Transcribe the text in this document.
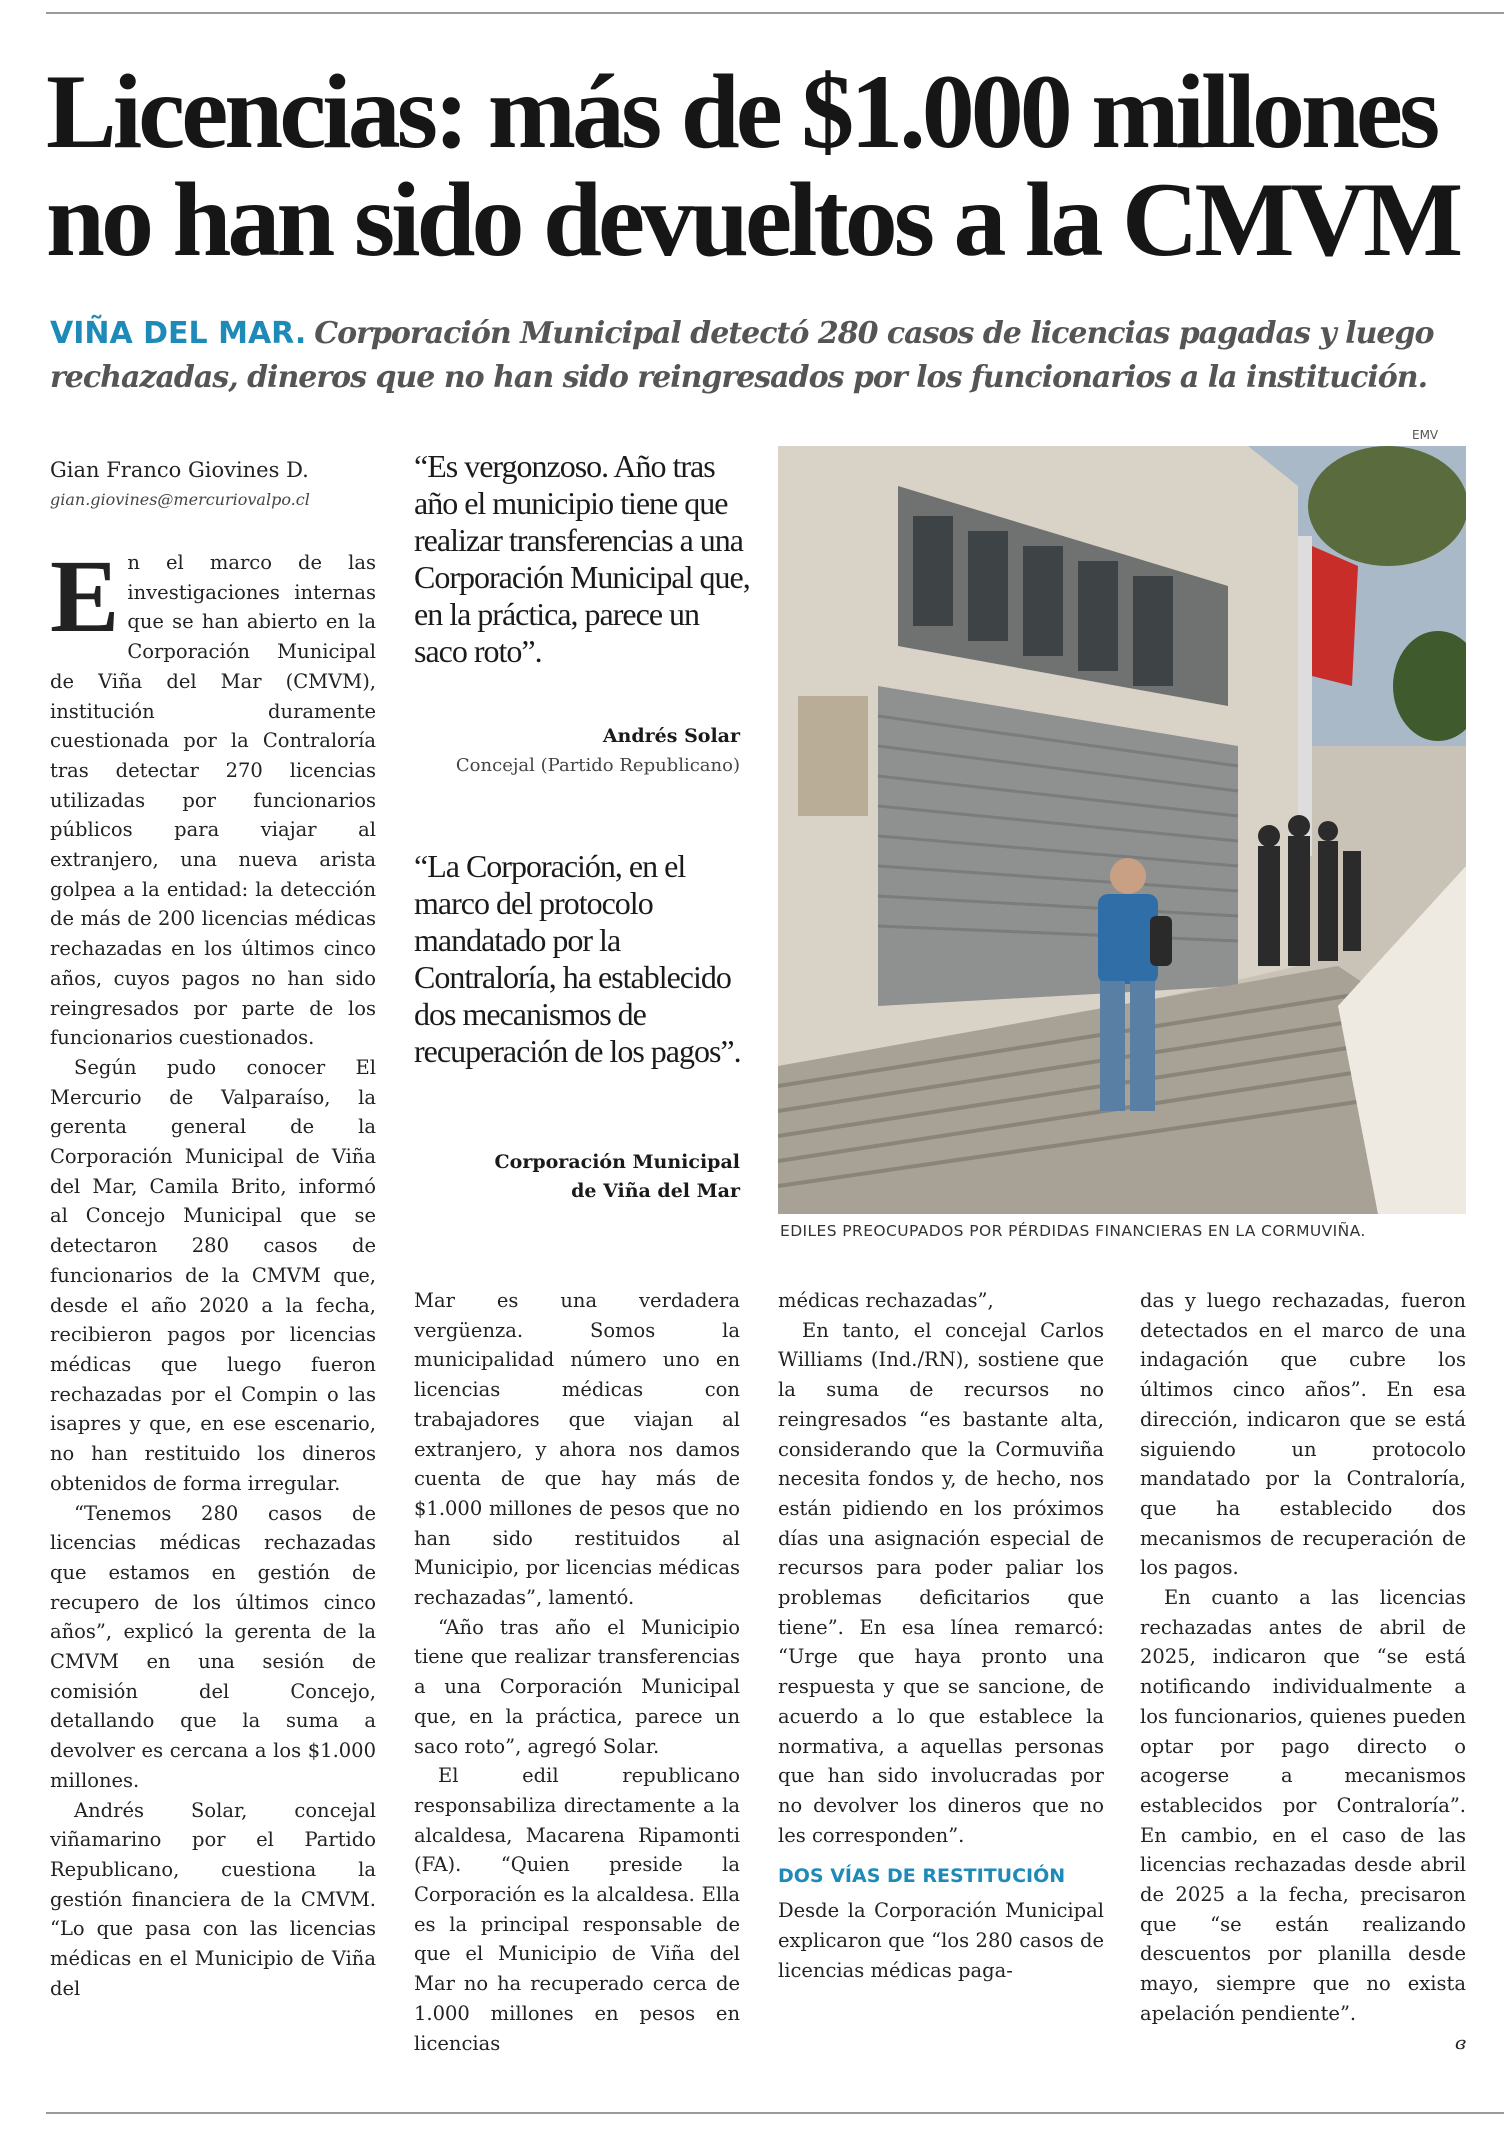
Licencias: más de $1.000 millones
no han sido devueltos a la CMVM
VIÑA DEL MAR. Corporación Municipal detectó 280 casos de licencias pagadas y luego rechazadas, dineros que no han sido reingresados por los funcionarios a la institución.
Gian Franco Giovines D.
gian.giovines@mercuriovalpo.cl

En el marco de las investigaciones internas que se han abierto en la Corporación Municipal de Viña del Mar (CMVM), institución duramente cuestionada por la Contraloría tras detectar 270 licencias utilizadas por funcionarios públicos para viajar al extranjero, una nueva arista golpea a la entidad: la detección de más de 200 licencias médicas rechazadas en los últimos cinco años, cuyos pagos no han sido reingresados por parte de los funcionarios cuestionados.

Según pudo conocer El Mercurio de Valparaíso, la gerenta general de la Corporación Municipal de Viña del Mar, Camila Brito, informó al Concejo Municipal que se detectaron 280 casos de funcionarios de la CMVM que, desde el año 2020 a la fecha, recibieron pagos por licencias médicas que luego fueron rechazadas por el Compin o las isapres y que, en ese escenario, no han restituido los dineros obtenidos de forma irregular.

“Tenemos 280 casos de licencias médicas rechazadas que estamos en gestión de recupero de los últimos cinco años”, explicó la gerenta de la CMVM en una sesión de comisión del Concejo, detallando que la suma a devolver es cercana a los $1.000 millones.

Andrés Solar, concejal viñamarino por el Partido Republicano, cuestiona la gestión financiera de la CMVM. “Lo que pasa con las licencias médicas en el Municipio de Viña del

“Es vergonzoso. Año tras año el municipio tiene que realizar transferencias a una Corporación Municipal que, en la práctica, parece un saco roto”.
Andrés Solar
Concejal (Partido Republicano)
“La Corporación, en el marco del protocolo mandatado por la Contraloría, ha establecido dos mecanismos de recuperación de los pagos”.
Corporación Municipal de Viña del Mar
EMV
EDILES PREOCUPADOS POR PÉRDIDAS FINANCIERAS EN LA CORMUVIÑA.

Mar es una verdadera vergüenza. Somos la municipalidad número uno en licencias médicas con trabajadores que viajan al extranjero, y ahora nos damos cuenta de que hay más de $1.000 millones de pesos que no han sido restituidos al Municipio, por licencias médicas rechazadas”, lamentó.

“Año tras año el Municipio tiene que realizar transferencias a una Corporación Municipal que, en la práctica, parece un saco roto”, agregó Solar.

El edil republicano responsabiliza directamente a la alcaldesa, Macarena Ripamonti (FA). “Quien preside la Corporación es la alcaldesa. Ella es la principal responsable de que el Municipio de Viña del Mar no ha recuperado cerca de 1.000 millones en pesos en licencias

médicas rechazadas”,

En tanto, el concejal Carlos Williams (Ind./RN), sostiene que la suma de recursos no reingresados “es bastante alta, considerando que la Cormuviña necesita fondos y, de hecho, nos están pidiendo en los próximos días una asignación especial de recursos para poder paliar los problemas deficitarios que tiene”. En esa línea remarcó: “Urge que haya pronto una respuesta y que se sancione, de acuerdo a lo que establece la normativa, a aquellas personas que han sido involucradas por no devolver los dineros que no les corresponden”.

DOS VÍAS DE RESTITUCIÓN

Desde la Corporación Municipal explicaron que “los 280 casos de licencias médicas paga-

das y luego rechazadas, fueron detectados en el marco de una indagación que cubre los últimos cinco años”. En esa dirección, indicaron que se está siguiendo un protocolo mandatado por la Contraloría, que ha establecido dos mecanismos de recuperación de los pagos.

En cuanto a las licencias rechazadas antes de abril de 2025, indicaron que “se está notificando individualmente a los funcionarios, quienes pueden optar por pago directo o acogerse a mecanismos establecidos por Contraloría”. En cambio, en el caso de las licencias rechazadas desde abril de 2025 a la fecha, precisaron que “se están realizando descuentos por planilla desde mayo, siempre que no exista apelación pendiente”.

ɞ
